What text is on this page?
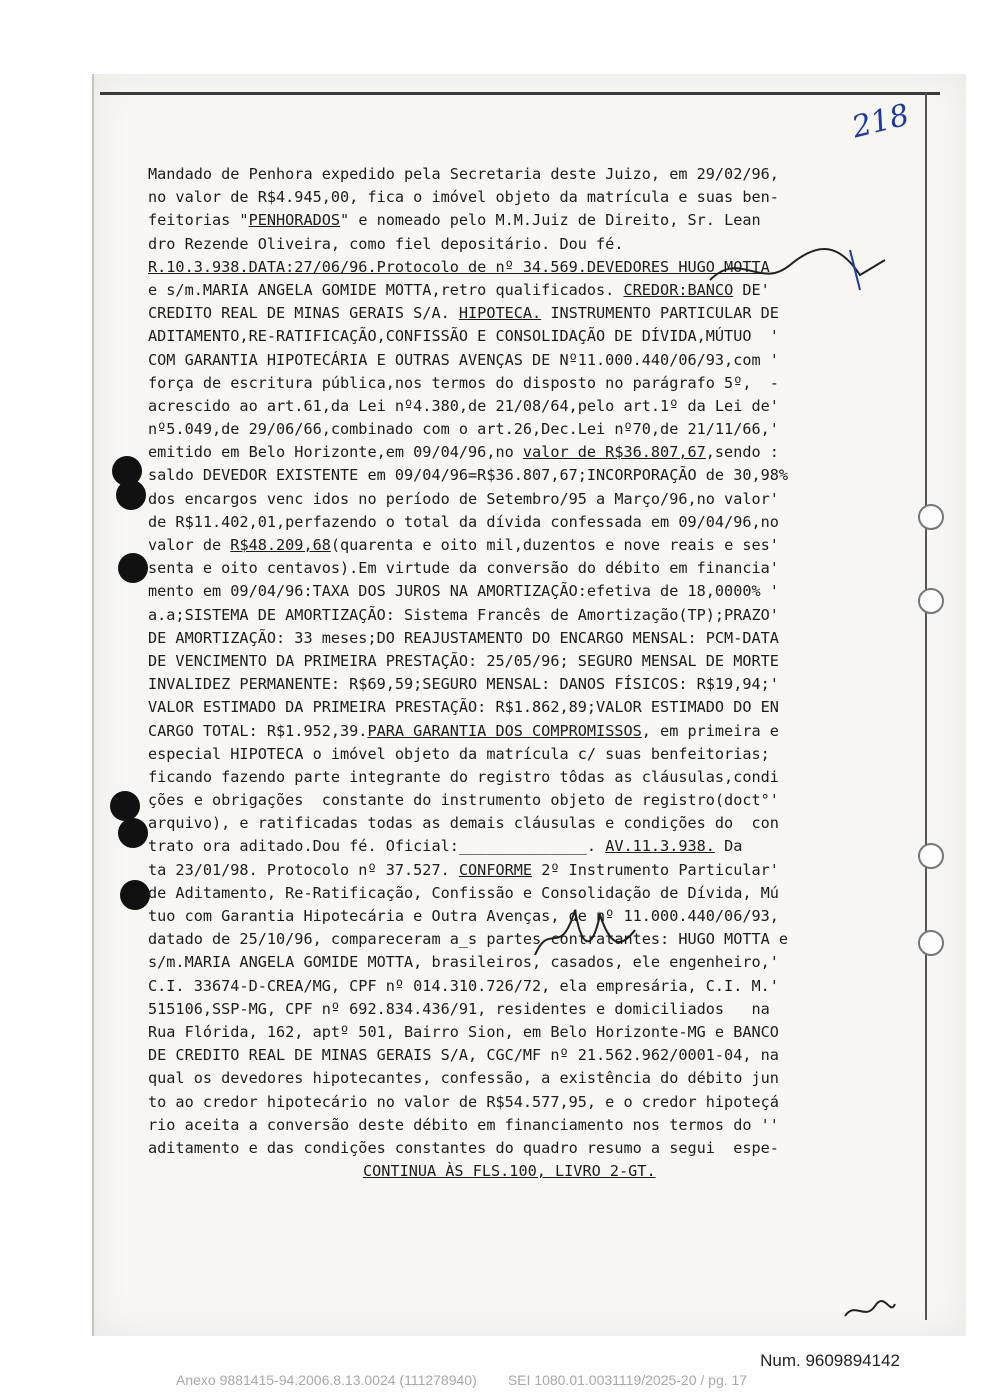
218
Mandado de Penhora expedido pela Secretaria deste Juizo, em 29/02/96,
no valor de R$4.945,00, fica o imóvel objeto da matrícula e suas ben-
feitorias "PENHORADOS" e nomeado pelo M.M.Juiz de Direito, Sr. Lean
dro Rezende Oliveira, como fiel depositário. Dou fé.
R.10.3.938.DATA:27/06/96.Protocolo de nº 34.569.DEVEDORES HUGO MOTTA
e s/m.MARIA ANGELA GOMIDE MOTTA,retro qualificados. CREDOR:BANCO DE'
CREDITO REAL DE MINAS GERAIS S/A. HIPOTECA. INSTRUMENTO PARTICULAR DE
ADITAMENTO,RE-RATIFICAÇÃO,CONFISSÃO E CONSOLIDAÇÃO DE DÍVIDA,MÚTUO  '
COM GARANTIA HIPOTECÁRIA E OUTRAS AVENÇAS DE Nº11.000.440/06/93,com '
força de escritura pública,nos termos do disposto no parágrafo 5º,  -
acrescido ao art.61,da Lei nº4.380,de 21/08/64,pelo art.1º da Lei de'
nº5.049,de 29/06/66,combinado com o art.26,Dec.Lei nº70,de 21/11/66,'
emitido em Belo Horizonte,em 09/04/96,no valor de R$36.807,67,sendo :
saldo DEVEDOR EXISTENTE em 09/04/96=R$36.807,67;INCORPORAÇÃO de 30,98%
dos encargos venc idos no período de Setembro/95 a Março/96,no valor'
de R$11.402,01,perfazendo o total da dívida confessada em 09/04/96,no
valor de R$48.209,68(quarenta e oito mil,duzentos e nove reais e ses'
senta e oito centavos).Em virtude da conversão do débito em financia'
mento em 09/04/96:TAXA DOS JUROS NA AMORTIZAÇÃO:efetiva de 18,0000% '
a.a;SISTEMA DE AMORTIZAÇÃO: Sistema Francês de Amortização(TP);PRAZO'
DE AMORTIZAÇÃO: 33 meses;DO REAJUSTAMENTO DO ENCARGO MENSAL: PCM-DATA
DE VENCIMENTO DA PRIMEIRA PRESTAÇÃO: 25/05/96; SEGURO MENSAL DE MORTE
INVALIDEZ PERMANENTE: R$69,59;SEGURO MENSAL: DANOS FÍSICOS: R$19,94;'
VALOR ESTIMADO DA PRIMEIRA PRESTAÇÃO: R$1.862,89;VALOR ESTIMADO DO EN
CARGO TOTAL: R$1.952,39.PARA GARANTIA DOS COMPROMISSOS, em primeira e
especial HIPOTECA o imóvel objeto da matrícula c/ suas benfeitorias;
ficando fazendo parte integrante do registro tôdas as cláusulas,condi
ções e obrigações  constante do instrumento objeto de registro(doct°'
arquivo), e ratificadas todas as demais cláusulas e condições do  con
trato ora aditado.Dou fé. Oficial:______________. AV.11.3.938. Da
ta 23/01/98. Protocolo nº 37.527. CONFORME 2º Instrumento Particular'
de Aditamento, Re-Ratificação, Confissão e Consolidação de Dívida, Mú
tuo com Garantia Hipotecária e Outra Avenças, de nº 11.000.440/06/93,
datado de 25/10/96, compareceram a_s partes contratantes: HUGO MOTTA e
s/m.MARIA ANGELA GOMIDE MOTTA, brasileiros, casados, ele engenheiro,'
C.I. 33674-D-CREA/MG, CPF nº 014.310.726/72, ela empresária, C.I. M.'
515106,SSP-MG, CPF nº 692.834.436/91, residentes e domiciliados   na
Rua Flórida, 162, aptº 501, Bairro Sion, em Belo Horizonte-MG e BANCO
DE CREDITO REAL DE MINAS GERAIS S/A, CGC/MF nº 21.562.962/0001-04, na
qual os devedores hipotecantes, confessão, a existência do débito jun
to ao credor hipotecário no valor de R$54.577,95, e o credor hipoteçá
rio aceita a conversão deste débito em financiamento nos termos do ''
aditamento e das condições constantes do quadro resumo a segui  espe-
CONTINUA ÀS FLS.100, LIVRO 2-GT.
Num. 9609894142
Anexo 9881415-94.2006.8.13.0024 (111278940)        SEI 1080.01.0031119/2025-20 / pg. 17
